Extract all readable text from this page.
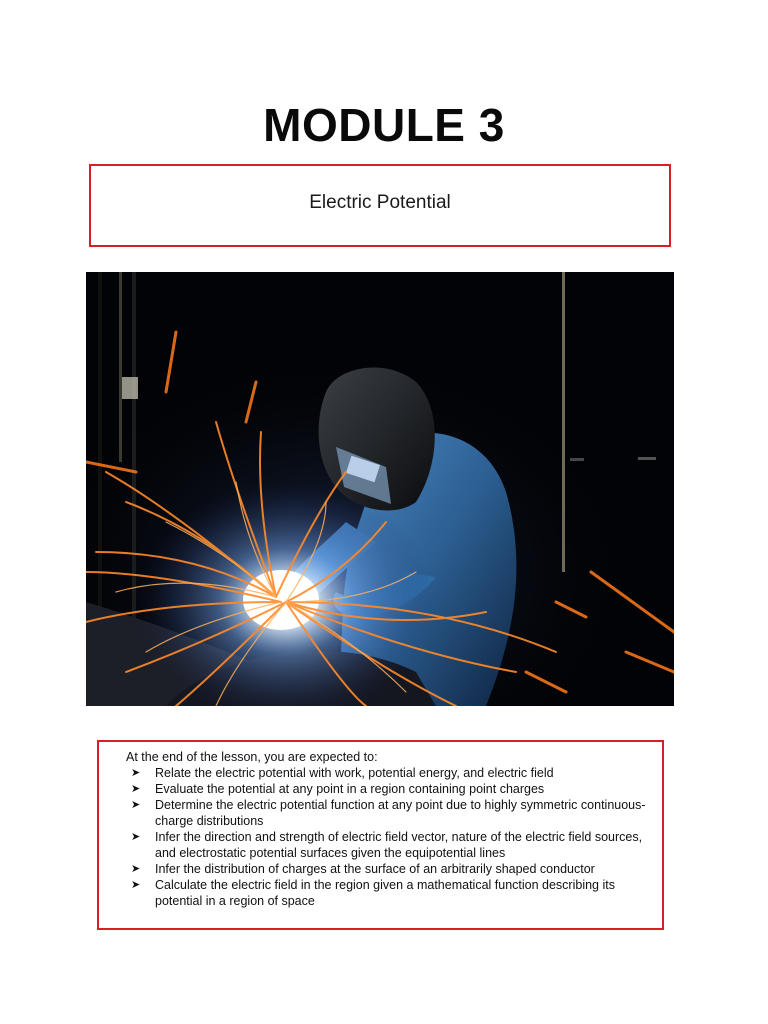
MODULE 3
Electric Potential
At the end of the lesson, you are expected to:
➤ Relate the electric potential with work, potential energy, and electric field
➤ Evaluate the potential at any point in a region containing point charges
➤ Determine the electric potential function at any point due to highly symmetric continuous- charge distributions
➤ Infer the direction and strength of electric field vector, nature of the electric field sources, and electrostatic potential surfaces given the equipotential lines
➤ Infer the distribution of charges at the surface of an arbitrarily shaped conductor
➤ Calculate the electric field in the region given a mathematical function describing its potential in a region of space
